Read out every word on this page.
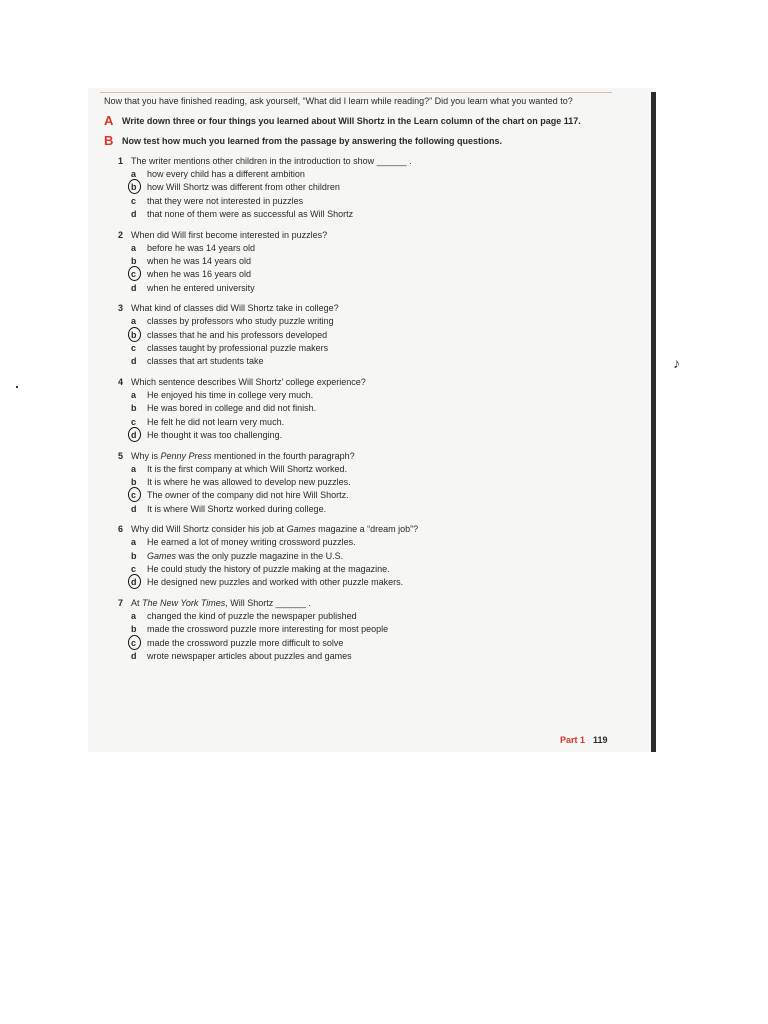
♪

Now that you have finished reading, ask yourself, “What did I learn while reading?” Did you learn what you wanted to?

A Write down three or four things you learned about Will Shortz in the Learn column of the chart on page 117.
B Now test how much you learned from the passage by answering the following questions.
1 The writer mentions other children in the introduction to show ______ .
a how every child has a different ambition
b how Will Shortz was different from other children
c that they were not interested in puzzles
d that none of them were as successful as Will Shortz
2 When did Will first become interested in puzzles?
a before he was 14 years old
b when he was 14 years old
c when he was 16 years old
d when he entered university
3 What kind of classes did Will Shortz take in college?
a classes by professors who study puzzle writing
b classes that he and his professors developed
c classes taught by professional puzzle makers
d classes that art students take
4 Which sentence describes Will Shortz’ college experience?
a He enjoyed his time in college very much.
b He was bored in college and did not finish.
c He felt he did not learn very much.
d He thought it was too challenging.
5 Why is Penny Press mentioned in the fourth paragraph?
a It is the first company at which Will Shortz worked.
b It is where he was allowed to develop new puzzles.
c The owner of the company did not hire Will Shortz.
d It is where Will Shortz worked during college.
6 Why did Will Shortz consider his job at Games magazine a “dream job”?
a He earned a lot of money writing crossword puzzles.
b Games was the only puzzle magazine in the U.S.
c He could study the history of puzzle making at the magazine.
d He designed new puzzles and worked with other puzzle makers.
7 At The New York Times, Will Shortz ______ .
a changed the kind of puzzle the newspaper published
b made the crossword puzzle more interesting for most people
c made the crossword puzzle more difficult to solve
d wrote newspaper articles about puzzles and games
Part 1 119
